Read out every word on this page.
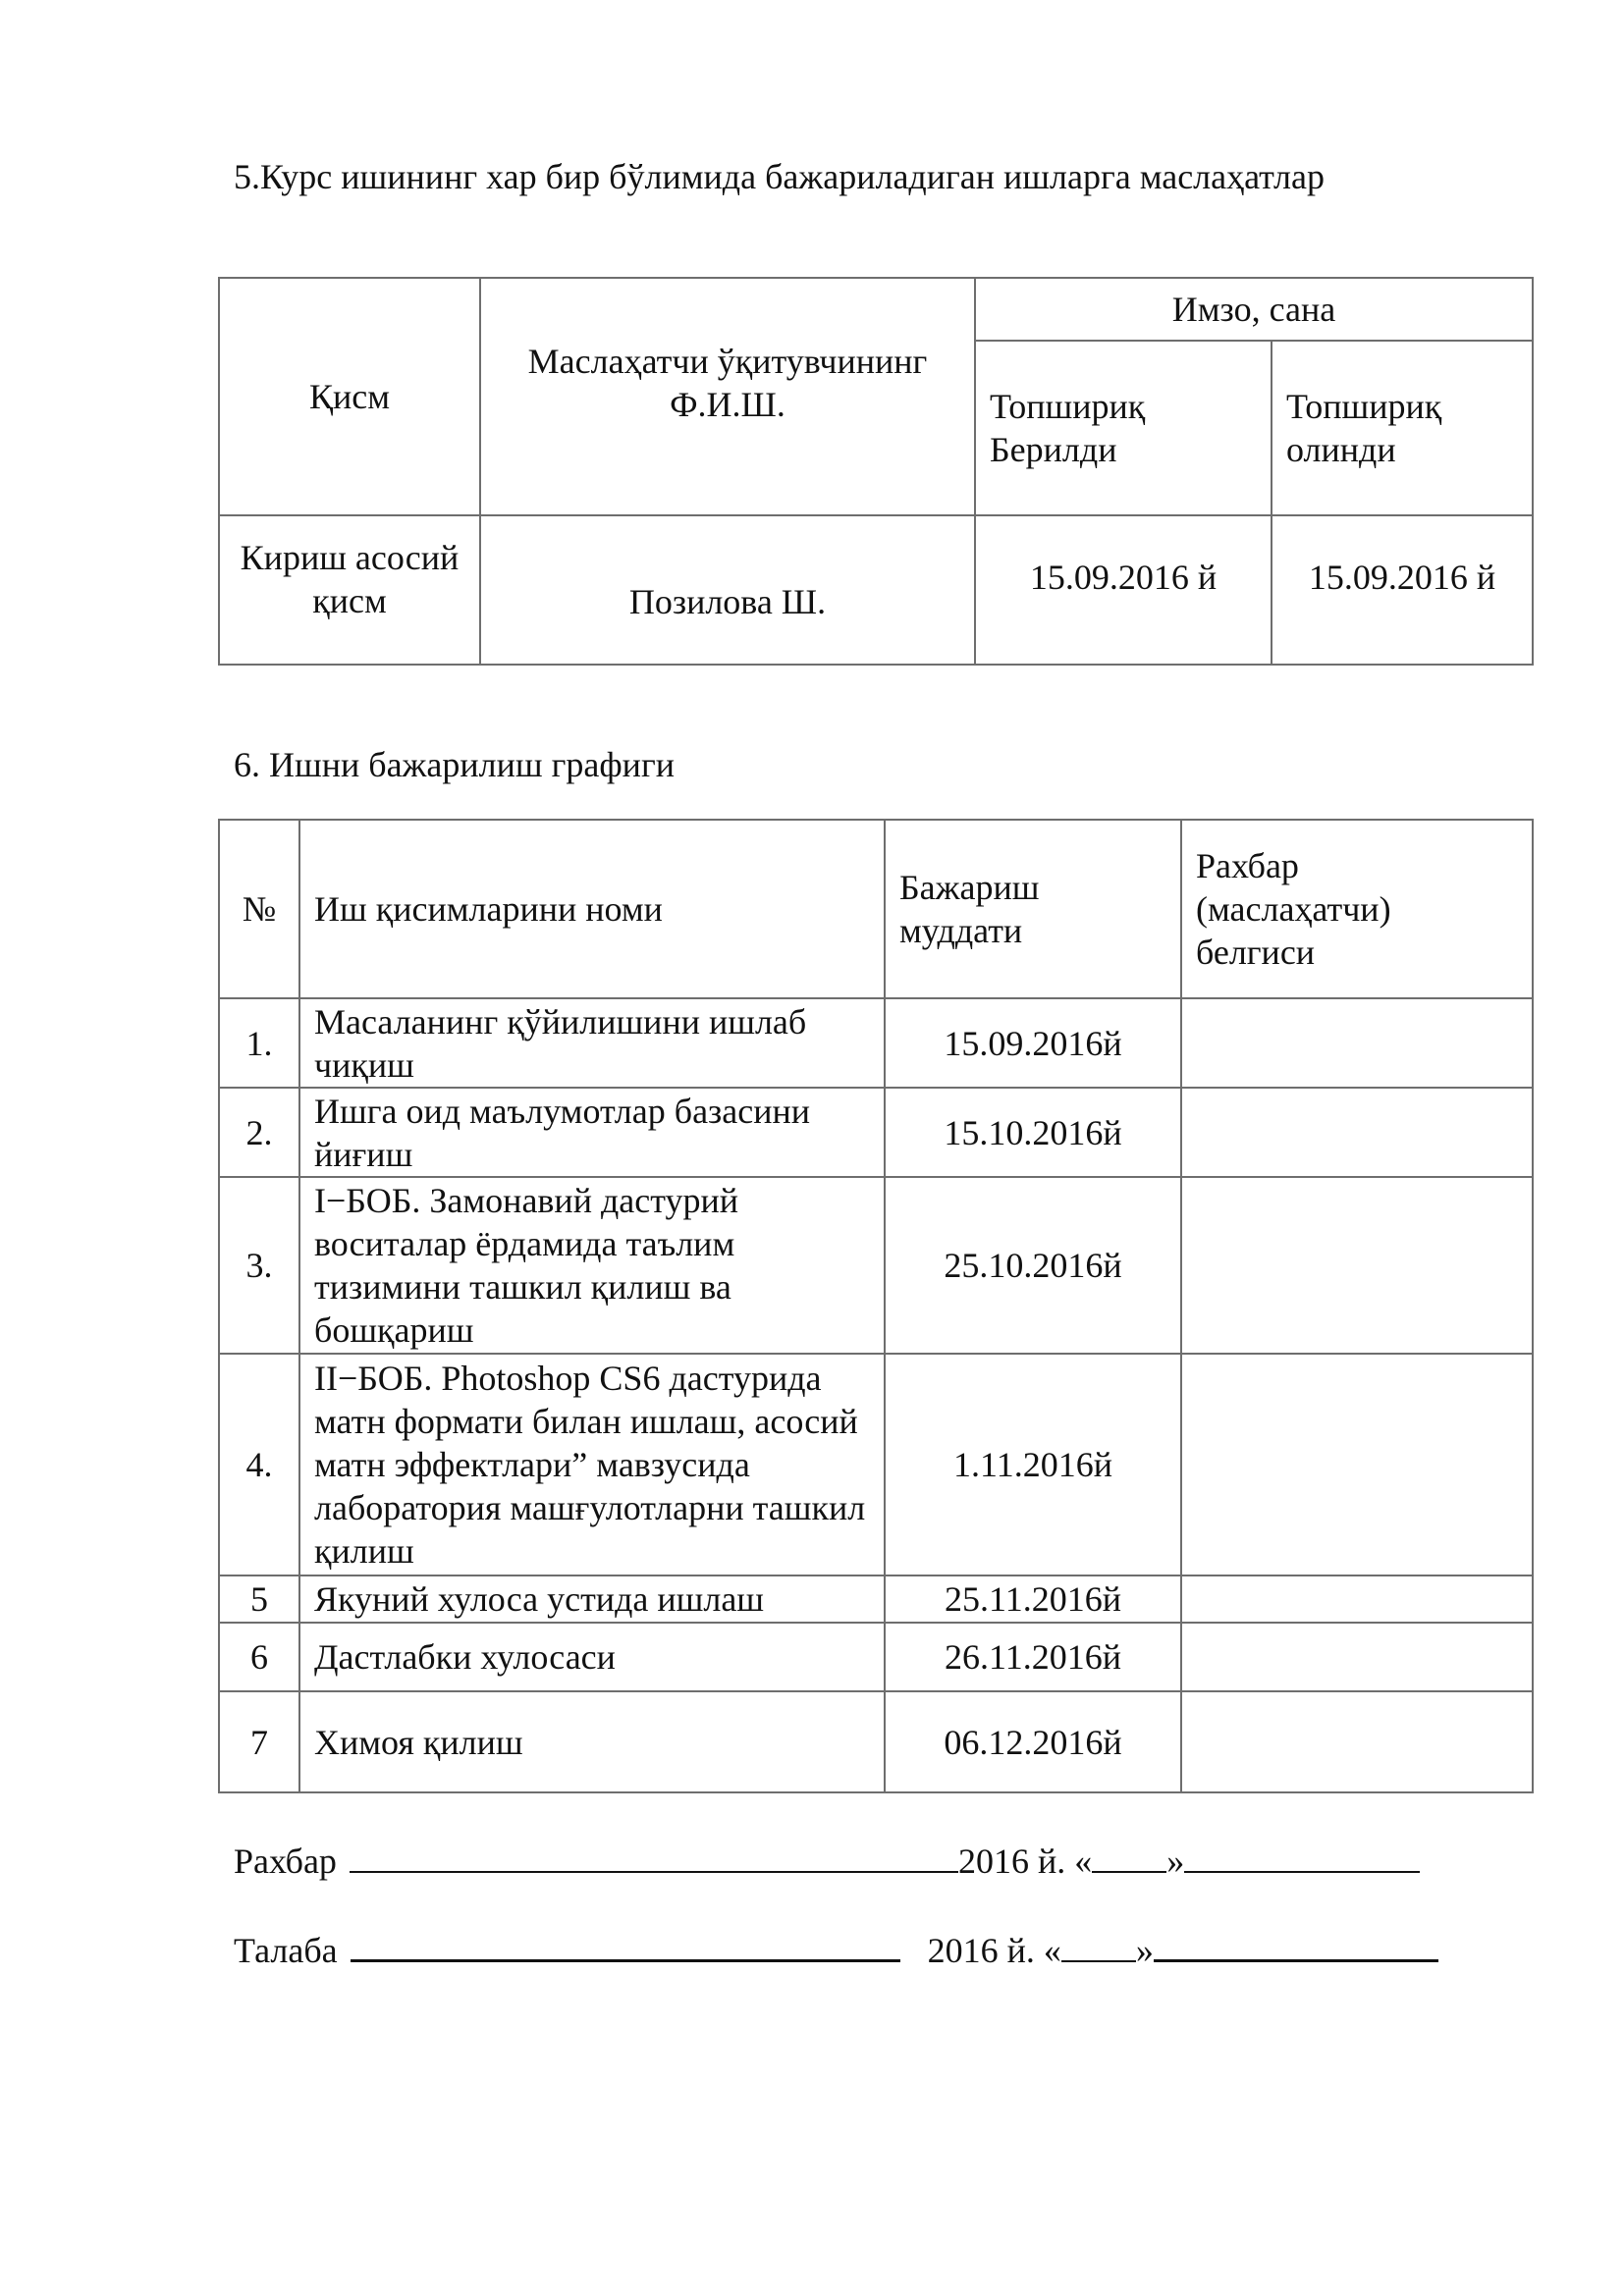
5.Курс ишининг хар бир бўлимида бажариладиган ишларга маслаҳатлар
Қисм	Маслаҳатчи ўқитувчининг Ф.И.Ш.	Имзо, сана	
		Топшириқ Берилди	Топшириқ олинди
Кириш асосий қисм	Позилова Ш.	15.09.2016 й	15.09.2016 й
6. Ишни бажарилиш графиги
№	Иш қисимларини номи	Бажариш муддати	Рахбар (маслаҳатчи) белгиси
1.	Масаланинг қўйилишини ишлаб чиқиш	15.09.2016й	
2.	Ишга оид маълумотлар базасини йиғиш	15.10.2016й	
3.	I−БОБ. Замонавий дастурий воситалар ёрдамида таълим тизимини ташкил қилиш ва бошқариш	25.10.2016й	
4.	II−БОБ. Photoshop CS6 дастурида матн формати билан ишлаш, асосий матн эффектлари” мавзусида лаборатория машғулотларни ташкил қилиш	1.11.2016й	
5	Якуний хулоса устида ишлаш	25.11.2016й	
6	Дастлабки хулосаси	26.11.2016й	
7	Химоя қилиш	06.12.2016й	
Рахбар	2016 й. « »
Талаба	2016 й. « »
